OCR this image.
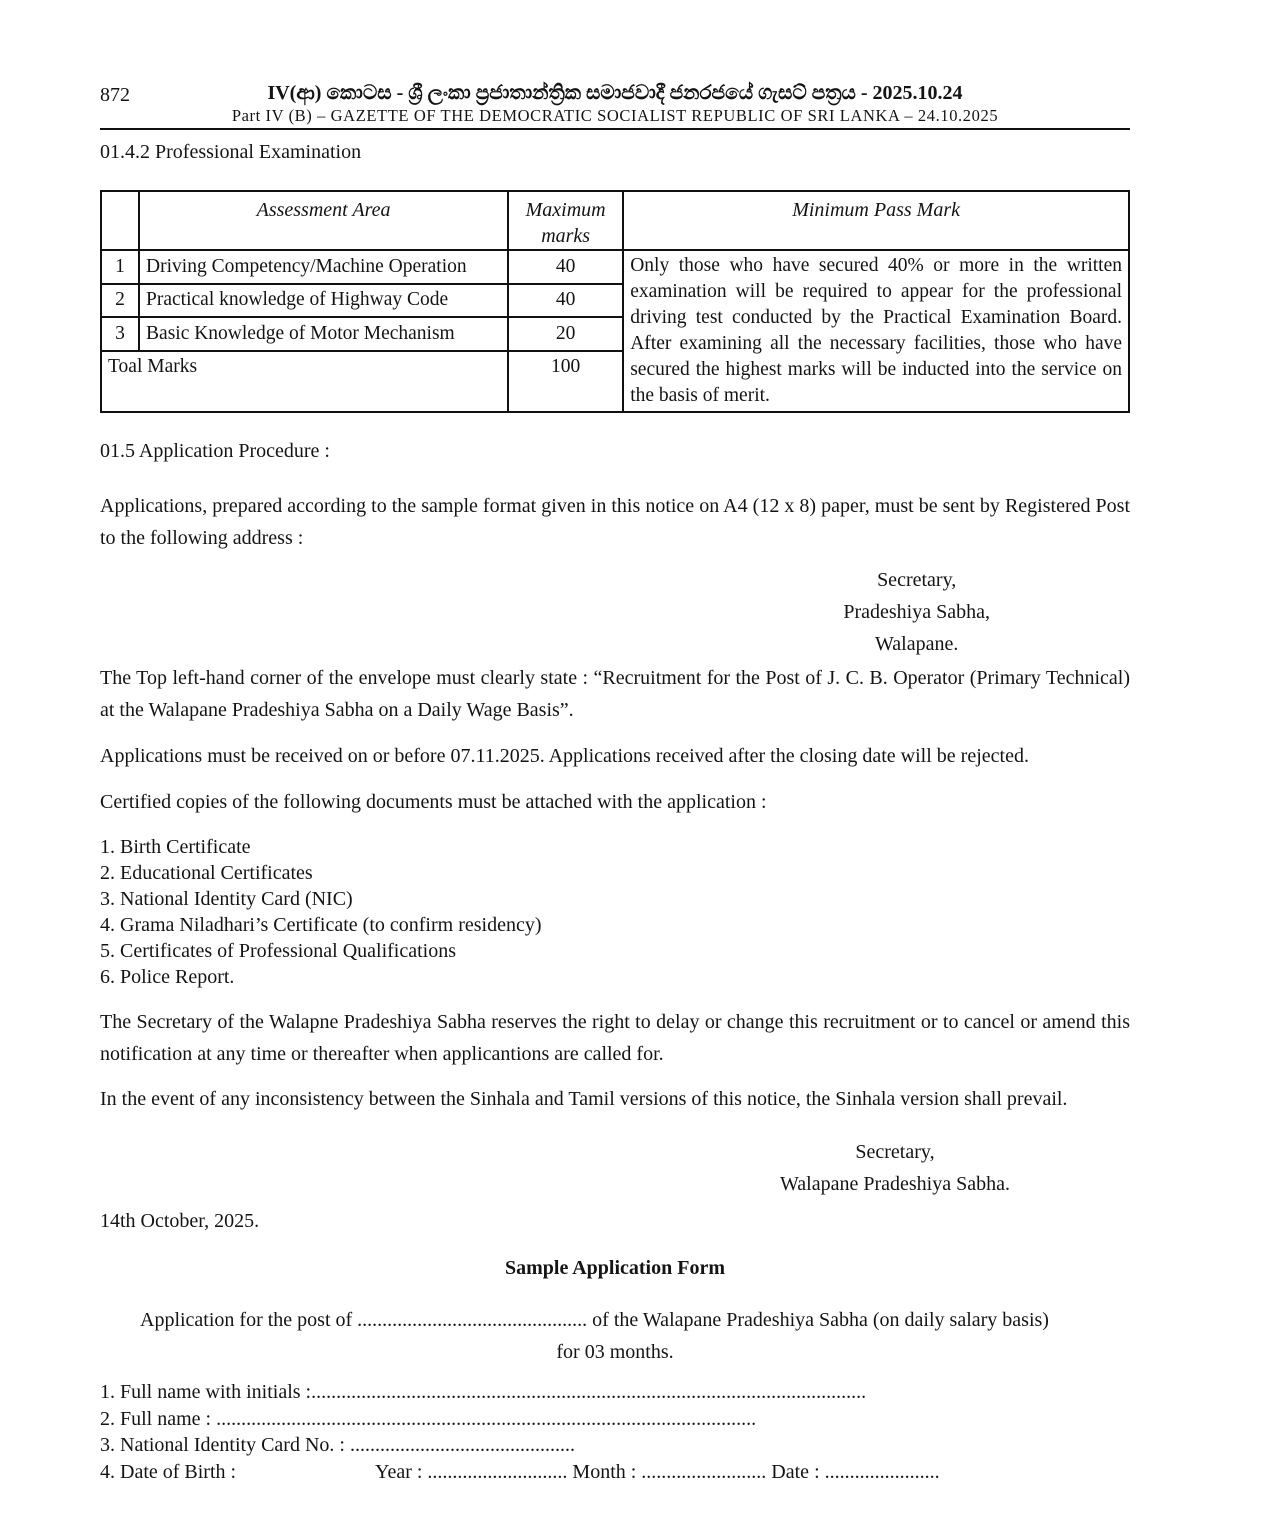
872	IV(ආ) කොටස - ශ්‍රී ලංකා ප්‍රජාතාන්ත්‍රික සමාජවාදී ජනරජයේ ගැසට් පත්‍රය - 2025.10.24
Part IV (B) – GAZETTE OF THE DEMOCRATIC SOCIALIST REPUBLIC OF SRI LANKA – 24.10.2025
01.4.2 Professional Examination
	Assessment Area	Maximum marks	Minimum Pass Mark
1	Driving Competency/Machine Operation	40	Only those who have secured 40% or more in the written examination will be required to appear for the professional driving test conducted by the Practical Examination Board. After examining all the necessary facilities, those who have secured the highest marks will be inducted into the service on the basis of merit.
2	Practical knowledge of Highway Code	40	
3	Basic Knowledge of Motor Mechanism	20	
Toal Marks		100	
01.5 Application Procedure :
Applications, prepared according to the sample format given in this notice on A4 (12 x 8) paper, must be sent by Registered Post to the following address :
Secretary,
Pradeshiya Sabha,
Walapane.
The Top left-hand corner of the envelope must clearly state : “Recruitment for the Post of J. C. B. Operator (Primary Technical) at the Walapane Pradeshiya Sabha on a Daily Wage Basis”.
Applications must be received on or before 07.11.2025. Applications received after the closing date will be rejected.
Certified copies of the following documents must be attached with the application :
1. Birth Certificate
2. Educational Certificates
3. National Identity Card (NIC)
4. Grama Niladhari’s Certificate (to confirm residency)
5. Certificates of Professional Qualifications
6. Police Report.
The Secretary of the Walapne Pradeshiya Sabha reserves the right to delay or change this recruitment or to cancel or amend this notification at any time or thereafter when applicantions are called for.
In the event of any inconsistency between the Sinhala and Tamil versions of this notice, the Sinhala version shall prevail.
Secretary,
Walapane Pradeshiya Sabha.
14th October, 2025.
Sample Application Form
Application for the post of .............................................. of the Walapane Pradeshiya Sabha (on daily salary basis)
for 03 months.
1. Full name with initials :...............................................................................................................
2. Full name : ............................................................................................................
3. National Identity Card No. : .............................................
4. Date of Birth :	Year : ............................ Month : ......................... Date : .......................
